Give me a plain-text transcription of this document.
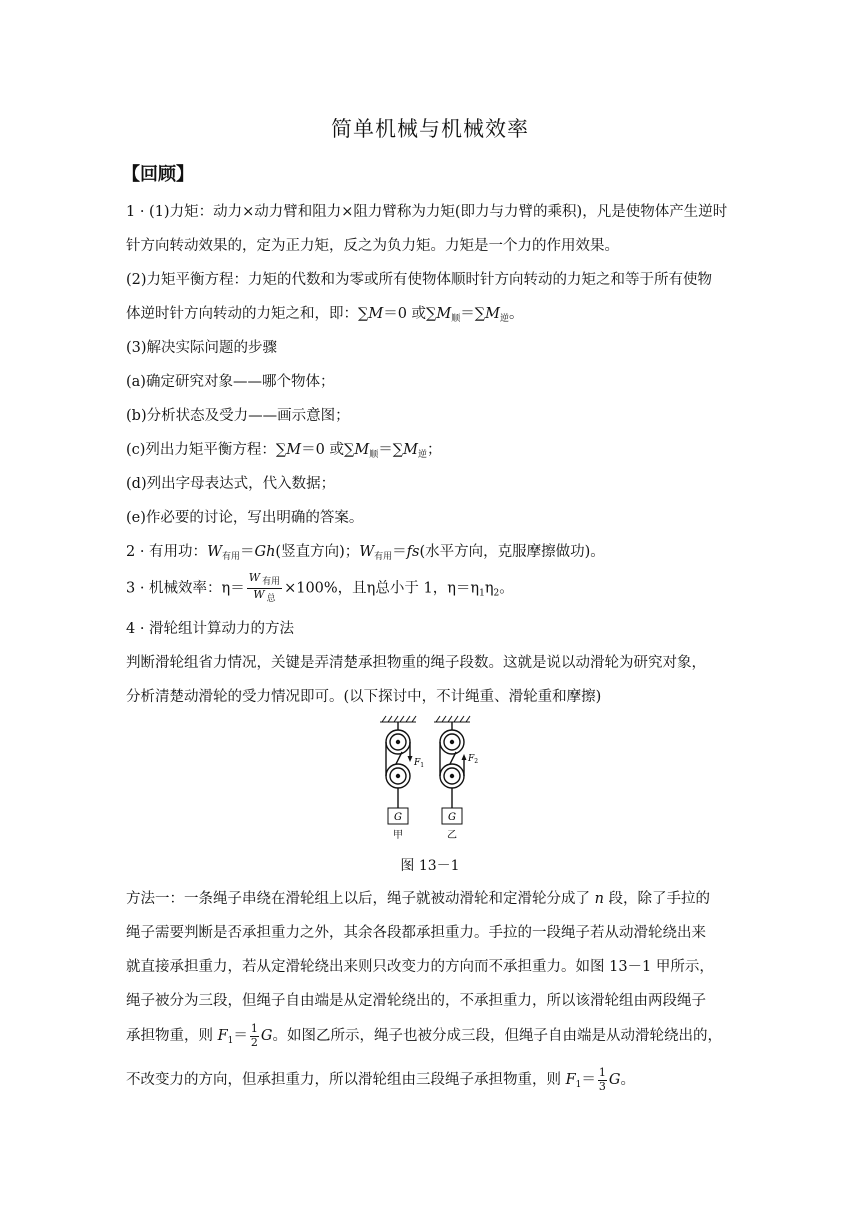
简单机械与机械效率
【回顾】
1 · (1)力矩：动力×动力臂和阻力×阻力臂称为力矩(即力与力臂的乘积)，凡是使物体产生逆时
针方向转动效果的，定为正力矩，反之为负力矩。力矩是一个力的作用效果。
(2)力矩平衡方程：力矩的代数和为零或所有使物体顺时针方向转动的力矩之和等于所有使物
体逆时针方向转动的力矩之和，即：∑M＝0 或$\sum M_顺=\sum M_逆$。
(3)解决实际问题的步骤
(a)确定研究对象——哪个物体；
(b)分析状态及受力——画示意图；
(c)列出力矩平衡方程：∑M＝0 或$\sum M_顺=\sum M_逆$；
(d)列出字母表达式，代入数据；
(e)作必要的讨论，写出明确的答案。
2 · 有用功：$W_{有用}=Gh$(竖直方向)；$W_{有用}=fs$(水平方向，克服摩擦做功)。
3 · 机械效率：$\eta= \frac{W _{有用}}{W _总} \times 100\%$，且η总小于 1，$\eta=\eta_1\eta_2$。
4 · 滑轮组计算动力的方法
判断滑轮组省力情况，关键是弄清楚承担物重的绳子段数。这就是说以动滑轮为研究对象，
分析清楚动滑轮的受力情况即可。(以下探讨中，不计绳重、滑轮重和摩擦)
$F_1$
$F_2$
G	G
甲	乙
图 13－1
方法一：一条绳子串绕在滑轮组上以后，绳子就被动滑轮和定滑轮分成了 n 段，除了手拉的
绳子需要判断是否承担重力之外，其余各段都承担重力。手拉的一段绳子若从动滑轮绕出来
就直接承担重力，若从定滑轮绕出来则只改变力的方向而不承担重力。如图 13－1 甲所示，
绳子被分为三段，但绳子自由端是从定滑轮绕出的，不承担重力，所以该滑轮组由两段绳子
承担物重，则 $F_1= \frac{1}{2}$ G。如图乙所示，绳子也被分成三段，但绳子自由端是从动滑轮绕出的，
不改变力的方向，但承担重力，所以滑轮组由三段绳子承担物重，则 $F_1= \frac{1}{3}$ G。
